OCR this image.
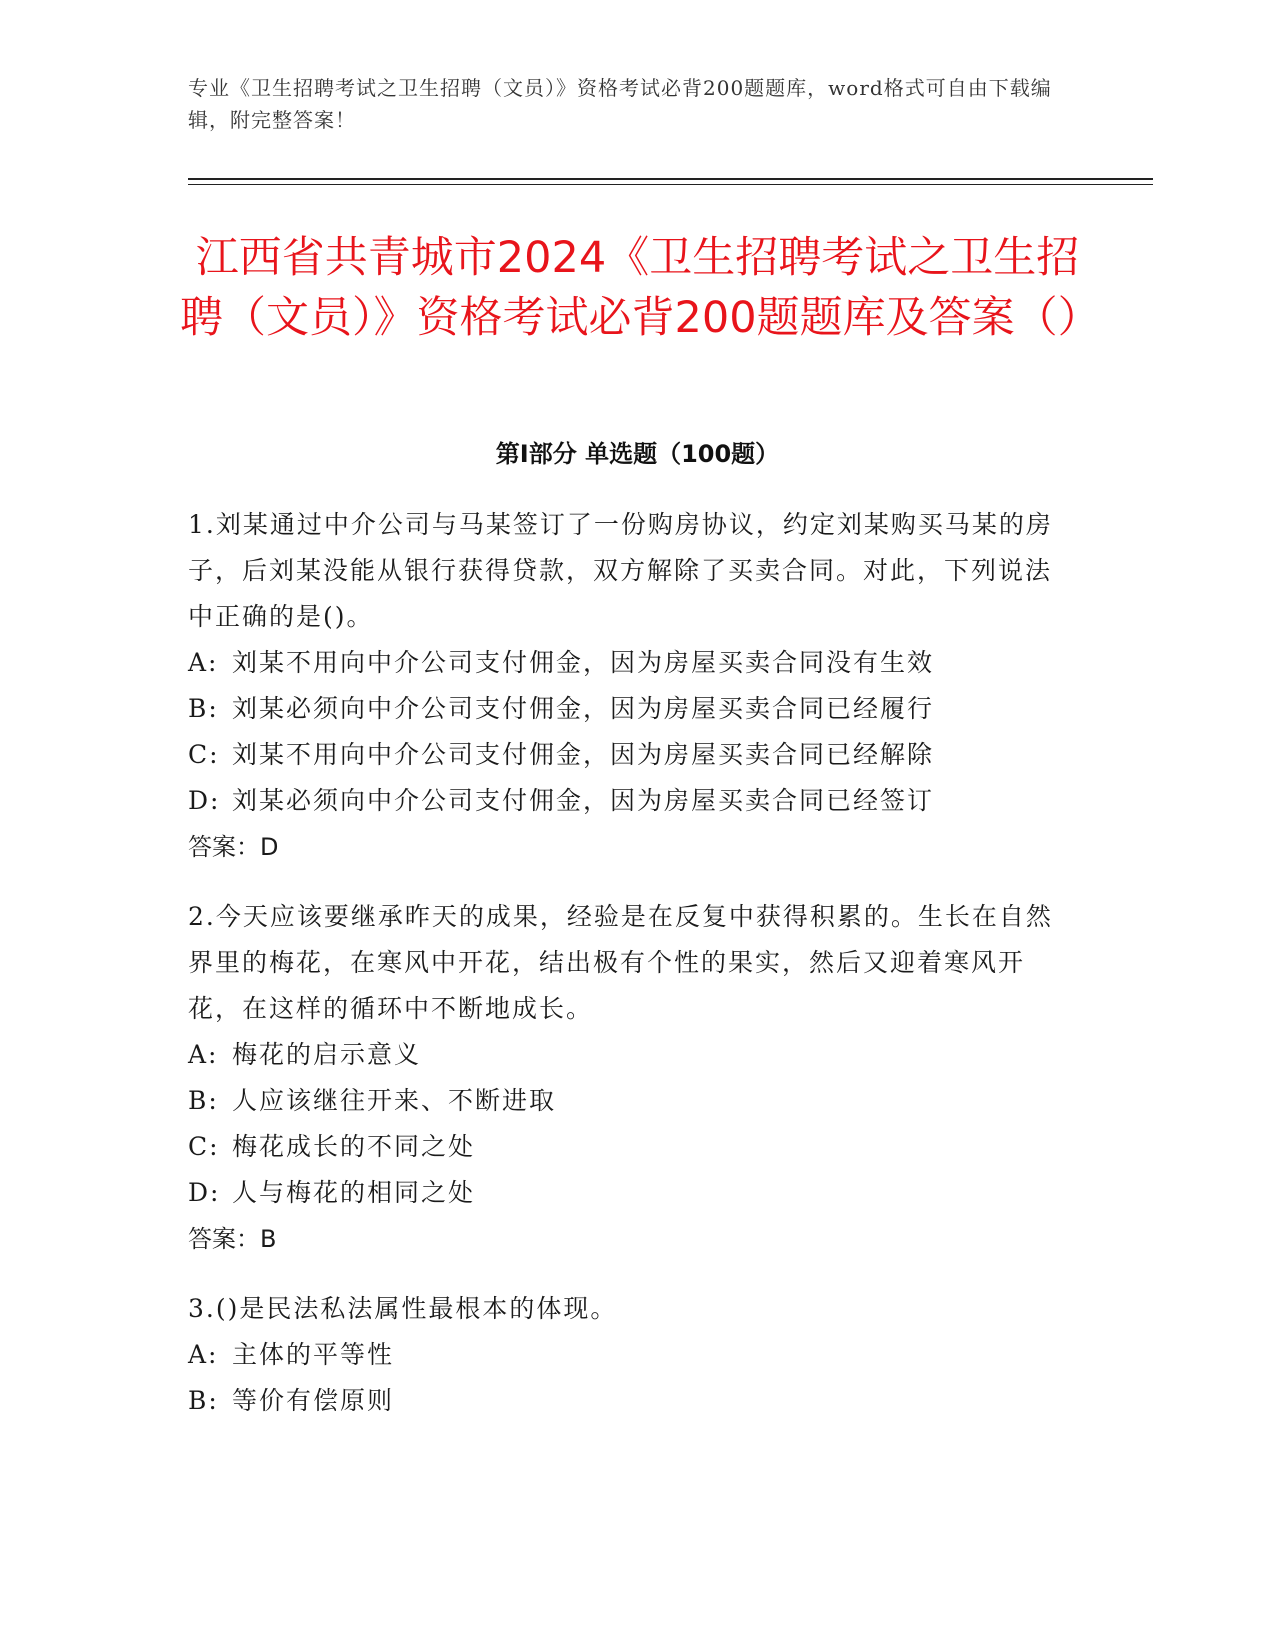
专业《卫生招聘考试之卫生招聘（文员）》资格考试必背200题题库，word格式可自由下载编辑，附完整答案！
江西省共青城市2024《卫生招聘考试之卫生招聘（文员）》资格考试必背200题题库及答案（）
第I部分 单选题（100题）

1.刘某通过中介公司与马某签订了一份购房协议，约定刘某购买马某的房子，后刘某没能从银行获得贷款，双方解除了买卖合同。对此，下列说法中正确的是()。

A: 刘某不用向中介公司支付佣金，因为房屋买卖合同没有生效

B: 刘某必须向中介公司支付佣金，因为房屋买卖合同已经履行

C: 刘某不用向中介公司支付佣金，因为房屋买卖合同已经解除

D: 刘某必须向中介公司支付佣金，因为房屋买卖合同已经签订

答案：D

2.今天应该要继承昨天的成果，经验是在反复中获得积累的。生长在自然界里的梅花，在寒风中开花，结出极有个性的果实，然后又迎着寒风开花，在这样的循环中不断地成长。

A: 梅花的启示意义

B: 人应该继往开来、不断进取

C: 梅花成长的不同之处

D: 人与梅花的相同之处

答案：B

3.()是民法私法属性最根本的体现。

A: 主体的平等性

B: 等价有偿原则
